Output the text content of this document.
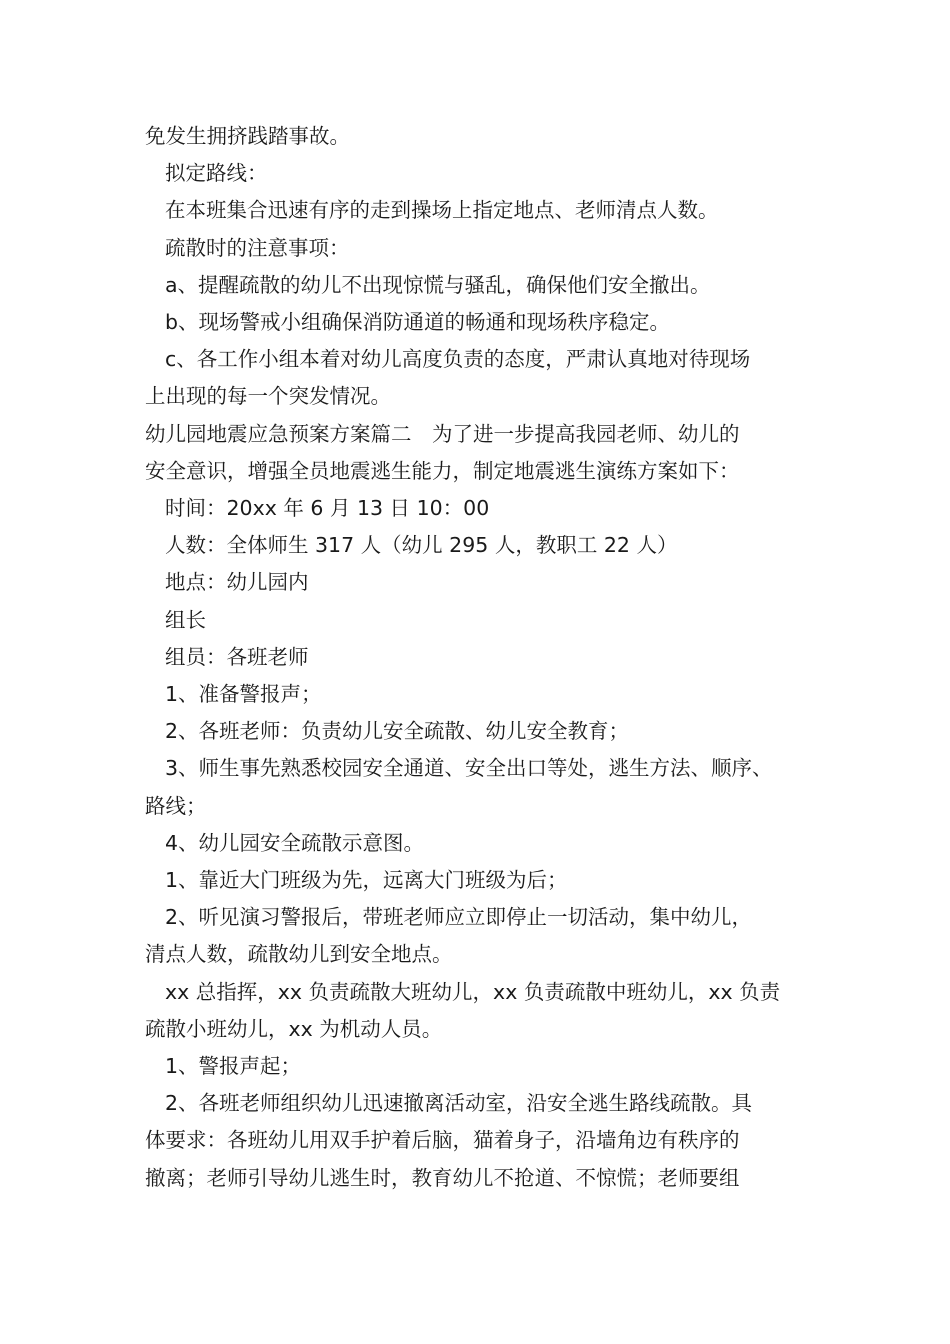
免发生拥挤践踏事故。

拟定路线：

在本班集合迅速有序的走到操场上指定地点、老师清点人数。

疏散时的注意事项：

a、提醒疏散的幼儿不出现惊慌与骚乱，确保他们安全撤出。

b、现场警戒小组确保消防通道的畅通和现场秩序稳定。

c、各工作小组本着对幼儿高度负责的态度，严肃认真地对待现场

上出现的每一个突发情况。

幼儿园地震应急预案方案篇二　为了进一步提高我园老师、幼儿的

安全意识，增强全员地震逃生能力，制定地震逃生演练方案如下：

时间：20xx 年 6 月 13 日 10：00

人数：全体师生 317 人（幼儿 295 人，教职工 22 人）

地点：幼儿园内

组长

组员：各班老师

1、准备警报声；

2、各班老师：负责幼儿安全疏散、幼儿安全教育；

3、师生事先熟悉校园安全通道、安全出口等处，逃生方法、顺序、

路线；

4、幼儿园安全疏散示意图。

1、靠近大门班级为先，远离大门班级为后；

2、听见演习警报后，带班老师应立即停止一切活动，集中幼儿，

清点人数，疏散幼儿到安全地点。

xx 总指挥，xx 负责疏散大班幼儿，xx 负责疏散中班幼儿，xx 负责

疏散小班幼儿，xx 为机动人员。

1、警报声起；

2、各班老师组织幼儿迅速撤离活动室，沿安全逃生路线疏散。具

体要求：各班幼儿用双手护着后脑，猫着身子，沿墙角边有秩序的

撤离；老师引导幼儿逃生时，教育幼儿不抢道、不惊慌；老师要组
